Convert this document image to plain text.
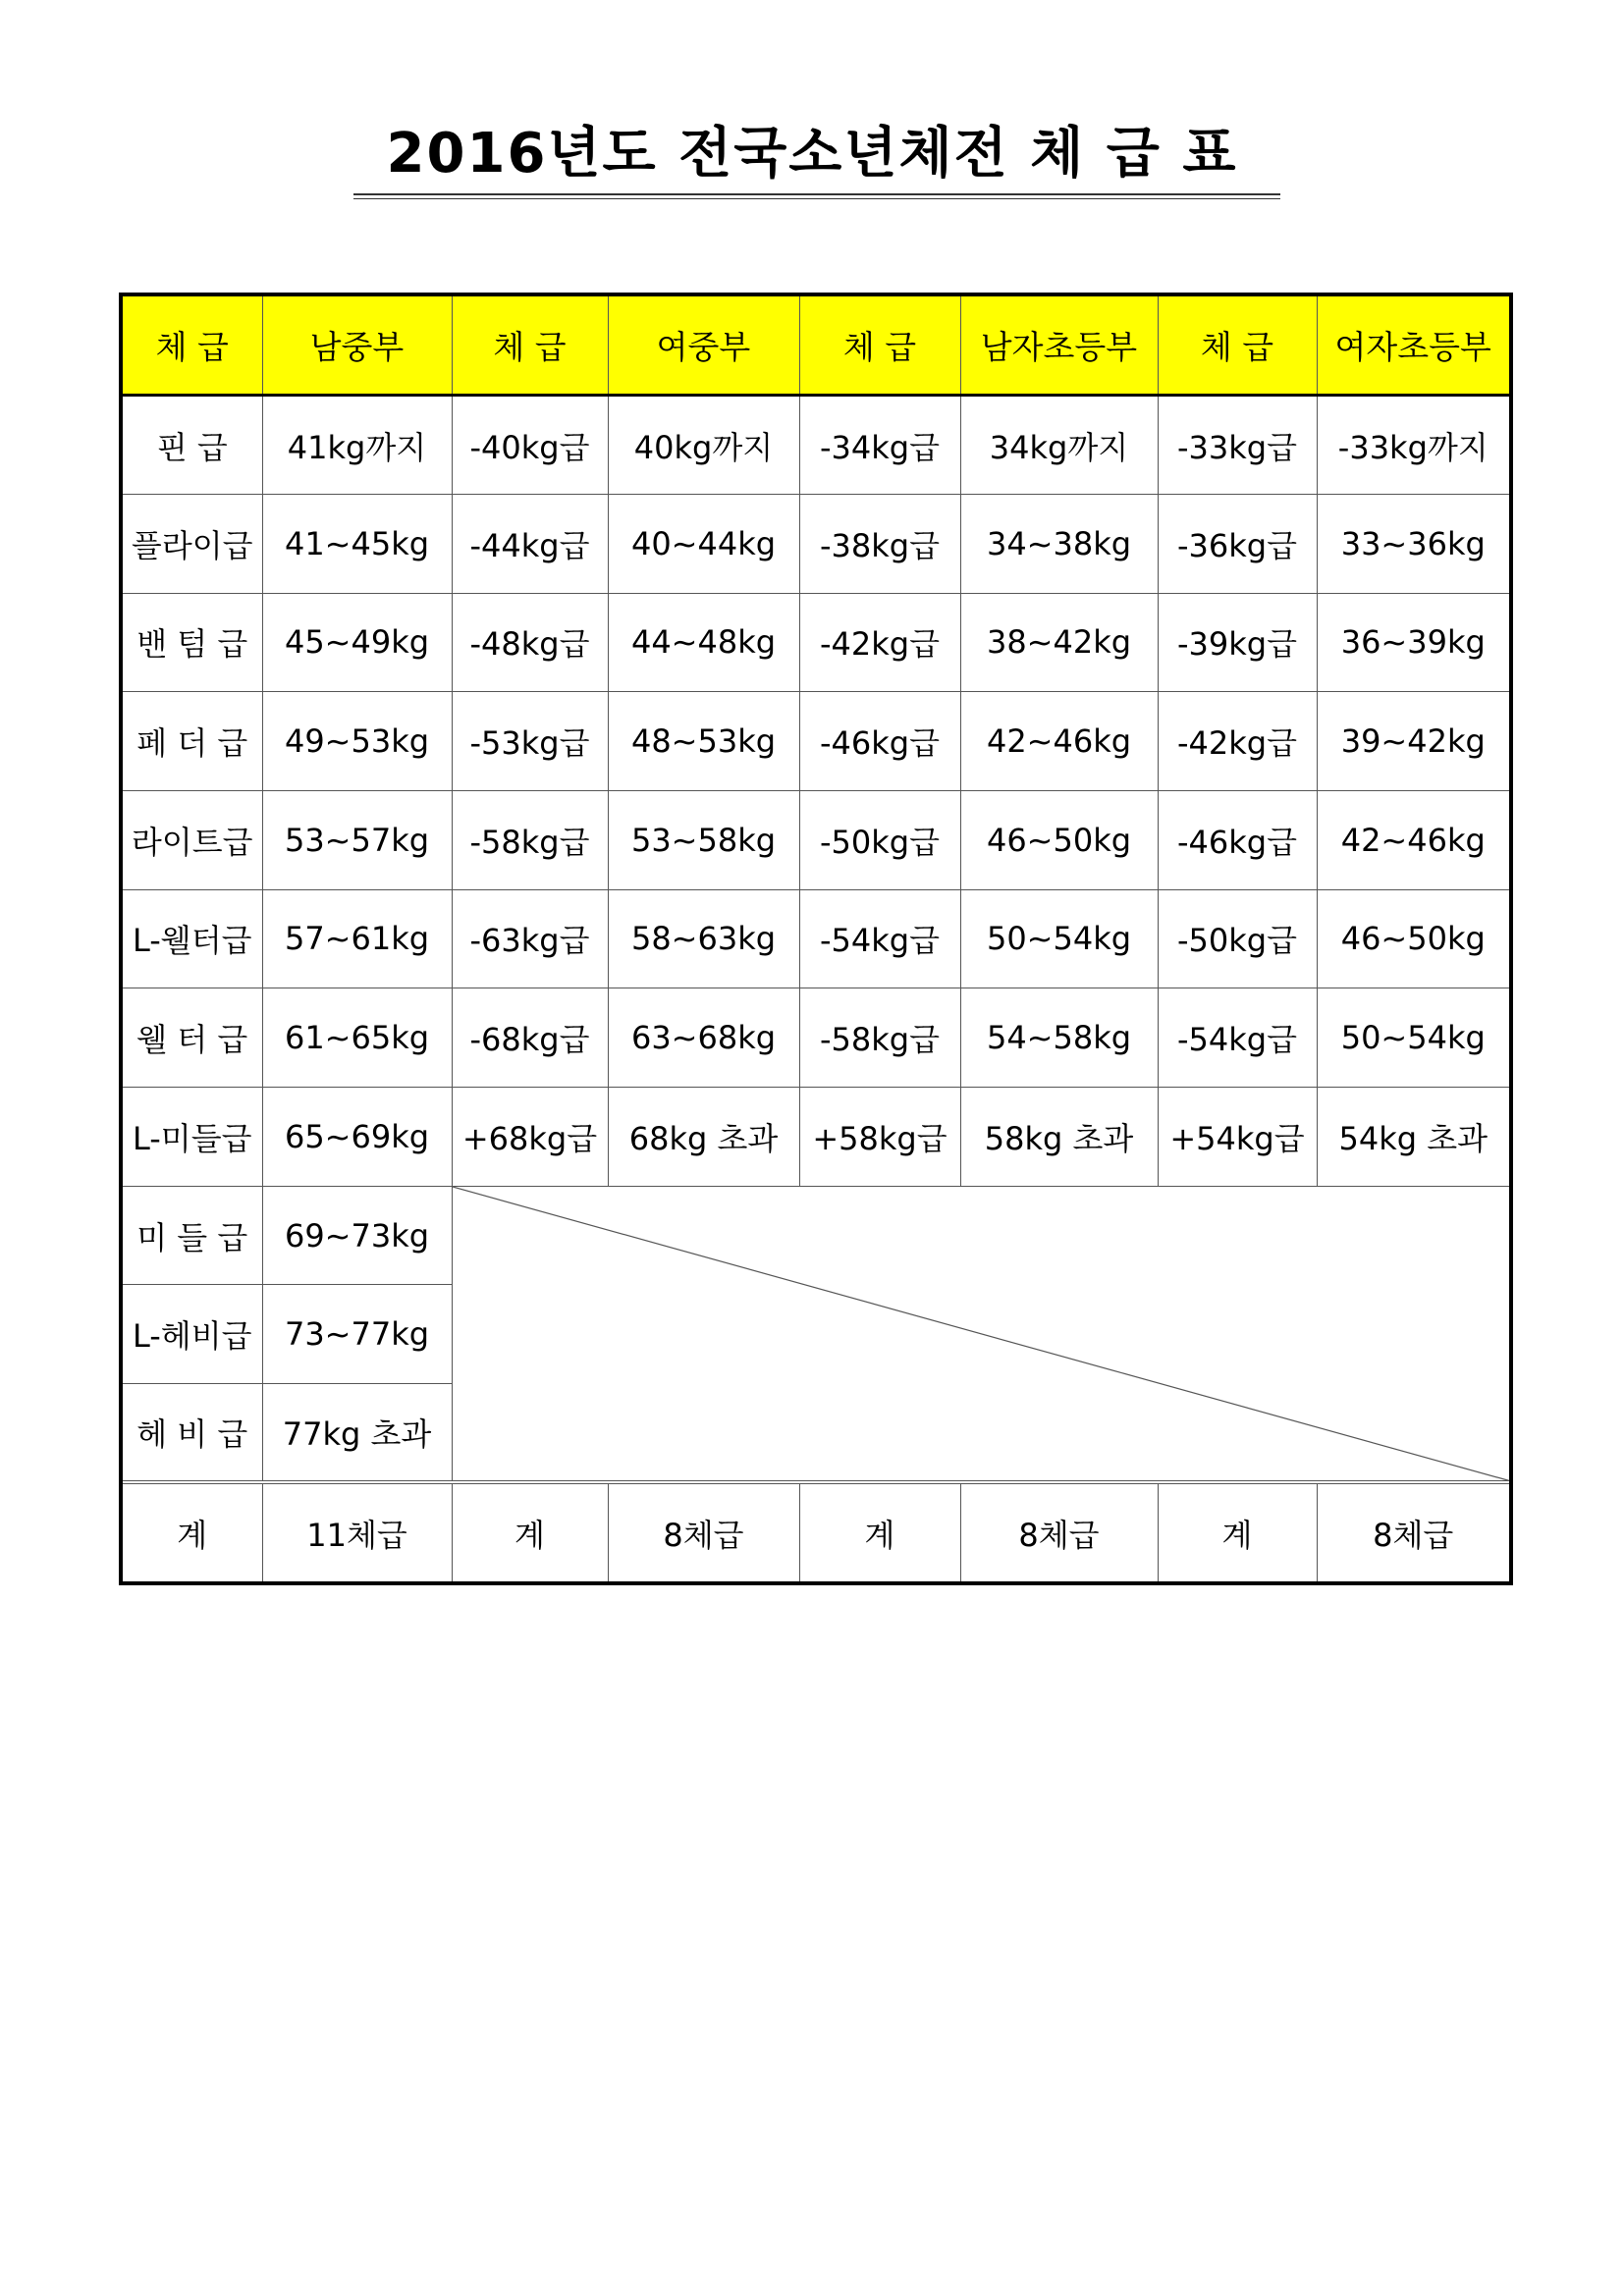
2016년도 전국소년체전 체 급 표
체 급	남중부	체 급	여중부	체 급	남자초등부	체 급	여자초등부
핀 급	41kg까지	-40kg급	40kg까지	-34kg급	34kg까지	-33kg급	-33kg까지
플라이급	41~45kg	-44kg급	40~44kg	-38kg급	34~38kg	-36kg급	33~36kg
밴 텀 급	45~49kg	-48kg급	44~48kg	-42kg급	38~42kg	-39kg급	36~39kg
페 더 급	49~53kg	-53kg급	48~53kg	-46kg급	42~46kg	-42kg급	39~42kg
라이트급	53~57kg	-58kg급	53~58kg	-50kg급	46~50kg	-46kg급	42~46kg
L-웰터급	57~61kg	-63kg급	58~63kg	-54kg급	50~54kg	-50kg급	46~50kg
웰 터 급	61~65kg	-68kg급	63~68kg	-58kg급	54~58kg	-54kg급	50~54kg
L-미들급	65~69kg	+68kg급	68kg 초과	+58kg급	58kg 초과	+54kg급	54kg 초과
미 들 급	69~73kg	

L-헤비급	73~77kg						
헤 비 급	77kg 초과						
계	11체급	계	8체급	계	8체급	계	8체급
